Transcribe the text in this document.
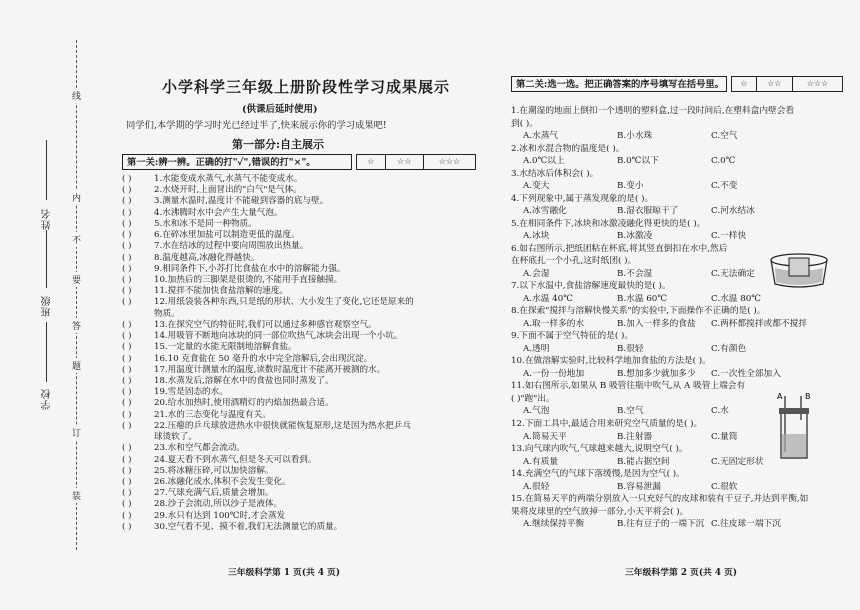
姓名
班级
学校
线
内
不
要
答
题
订
装
小学科学三年级上册阶段性学习成果展示
(供课后延时使用)
同学们,本学期的学习时光已经过半了,快来展示你的学习成果吧!
第一部分:自主展示
第一关:辨一辨。正确的打"✓",错误的打"×"。	☆	☆☆	☆☆☆
( )	1.水能变成水蒸气,水蒸气不能变成水。
( )	2.水烧开时,上面冒出的"白气"是气体。
( )	3.测量水温时,温度计不能碰到容器的底与壁。
( )	4.水沸腾时水中会产生大量气泡。
( )	5.水和冰不是同一种物质。
( )	6.在碎冰里加盐可以制造更低的温度。
( )	7.水在结冰的过程中要向周围放出热量。
( )	8.温度越高,冰融化得越快。
( )	9.相同条件下,小苏打比食盐在水中的溶解能力强。
( )	10.加热后的三脚架是很烫的,不能用手直接触摸。
( )	11.搅拌不能加快食盐溶解的速度。
( )	12.用纸袋装各种东西,只是纸的形状、大小发生了变化,它还是原来的
物质。
( )	13.在探究空气的特征时,我们可以通过多种感官观察空气。
( )	14.用吸管不断地向冰块的同一部位吹热气,冰块会出现一个小坑。
( )	15.一定量的水能无限制地溶解食盐。
( )	16.10 克食盐在 50 毫升的水中完全溶解后,会出现沉淀。
( )	17.用温度计测量水的温度,读数时温度计不能离开被测的水。
( )	18.水蒸发后,溶解在水中的食盐也同时蒸发了。
( )	19.雪是固态的水。
( )	20.给水加热时,使用酒精灯的内焰加热最合适。
( )	21.水的三态变化与温度有关。
( )	22.压瘪的乒乓球放进热水中很快就能恢复原形,这是因为热水把乒乓
球烫软了。
( )	23.水和空气都会流动。
( )	24.夏天看不到水蒸气,但是冬天可以看到。
( )	25.将冰糖压碎,可以加快溶解。
( )	26.冰融化成水,体积不会发生变化。
( )	27.气球充满气后,质量会增加。
( )	28.沙子会流动,所以沙子是液体。
( )	29.水只有达到 100℃时,才会蒸发
( )	30.空气看不见、摸不着,我们无法测量它的质量。
三年级科学第 1 页(共 4 页)
第二关:选一选。把正确答案的序号填写在括号里。	☆	☆☆	☆☆☆
1.在潮湿的地面上倒扣一个透明的塑料盒,过一段时间后,在塑料盒内壁会看
到( )。
A.水蒸气	B.小水珠	C.空气
2.冰和水混合物的温度是( )。
A.0℃以上	B.0℃以下	C.0℃
3.水结冰后体积会( )。
A.变大	B.变小	C.不变
4.下列现象中,属于蒸发现象的是( )。
A.冰雪融化	B.湿衣服晾干了	C.河水结冰
5.在相同条件下,冰块和冰激凌融化得更快的是( )。
A.冰块	B.冰激凌	C.一样快
6.如右图所示,把纸团粘在杯底,将其竖直倒扣在水中,然后
在杯底扎一个小孔,这时纸团( )。
A.会湿	B.不会湿	C.无法确定
7.以下水温中,食盐溶解速度最快的是( )。
A.水温 40℃	B.水温 60℃	C.水温 80℃
8.在探索"搅拌与溶解快慢关系"的实验中,下面操作不正确的是( )。
A.取一样多的水	B.加入一样多的食盐 C.两杯都搅拌或都不搅拌
9.下面不属于空气特征的是( )。
A.透明	B.很轻	C.有颜色
10.在做溶解实验时,比较科学地加食盐的方法是( )。
A.一份一份地加	B.想加多少就加多少 C.一次性全部加入
11.如右图所示,如果从 B 吸管往瓶中吹气,从 A 吸管上端会有
( )"跑"出。
A.气泡	B.空气	C.水
12.下面工具中,最适合用来研究空气质量的是( )。
A.简易天平	B.注射器	C.量筒
13.向气球内吹气,气球越来越大,说明空气( )。
A.有质量	B.能占据空间	C.无固定形状
14.充满空气的气球下落缓慢,是因为空气( )。
A.很轻	B.容易泄漏	C.很软
15.在简易天平的两端分别放入一只充好气的皮球和装有干豆子,并达到平衡,如
果将皮球里的空气放掉一部分,小天平将会( )。
A.继续保持平衡	B.往有豆子的一端下沉 C.往皮球一端下沉
A	B
三年级科学第 2 页(共 4 页)
